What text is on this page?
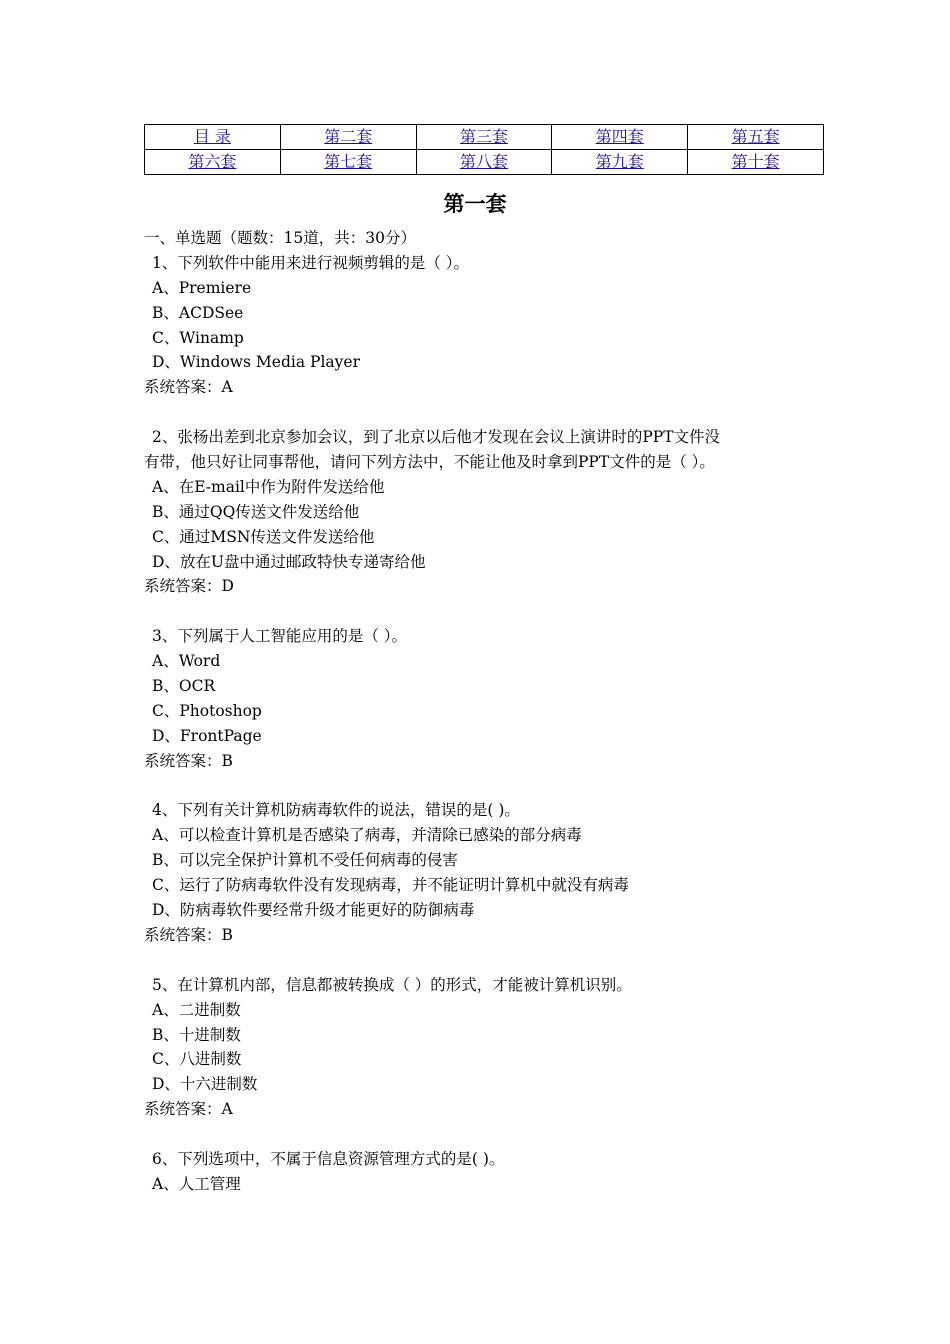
目 录	第二套	第三套	第四套	第五套
第六套	第七套	第八套	第九套	第十套
第一套
一、单选题（题数：15道，共：30分）
1、下列软件中能用来进行视频剪辑的是（ ）。
A、Premiere
B、ACDSee
C、Winamp
D、Windows Media Player
系统答案：A
2、张杨出差到北京参加会议，到了北京以后他才发现在会议上演讲时的PPT文件没
有带，他只好让同事帮他，请问下列方法中，不能让他及时拿到PPT文件的是（ ）。
A、在E-mail中作为附件发送给他
B、通过QQ传送文件发送给他
C、通过MSN传送文件发送给他
D、放在U盘中通过邮政特快专递寄给他
系统答案：D
3、下列属于人工智能应用的是（ ）。
A、Word
B、OCR
C、Photoshop
D、FrontPage
系统答案：B
4、下列有关计算机防病毒软件的说法，错误的是( )。
A、可以检查计算机是否感染了病毒，并清除已感染的部分病毒
B、可以完全保护计算机不受任何病毒的侵害
C、运行了防病毒软件没有发现病毒，并不能证明计算机中就没有病毒
D、防病毒软件要经常升级才能更好的防御病毒
系统答案：B
5、在计算机内部，信息都被转换成（ ）的形式，才能被计算机识别。
A、二进制数
B、十进制数
C、八进制数
D、十六进制数
系统答案：A
6、下列选项中，不属于信息资源管理方式的是( )。
A、人工管理
